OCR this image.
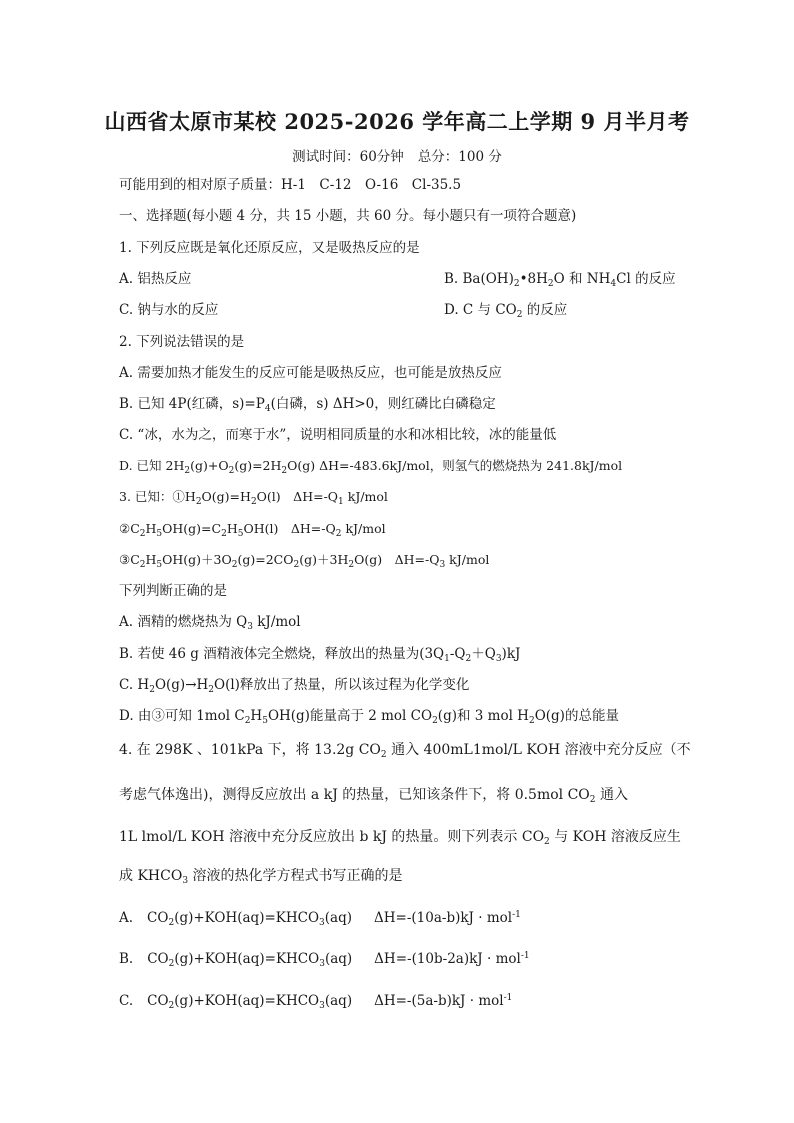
山西省太原市某校 2025-2026 学年高二上学期 9 月半月考
测试时间：60分钟 总分：100 分
可能用到的相对原子质量：H-1　C-12　O-16　Cl-35.5
一、选择题(每小题 4 分，共 15 小题，共 60 分。每小题只有一项符合题意)
1. 下列反应既是氧化还原反应，又是吸热反应的是
A. 铝热反应	B. $Ba(OH)_2•8H_2O$ 和 $NH_4Cl$ 的反应
C. 钠与水的反应	D. C 与 $CO_2$ 的反应
2. 下列说法错误的是
A. 需要加热才能发生的反应可能是吸热反应，也可能是放热反应
B. 已知 4P(红磷，$s)=P_4$(白磷，s) ΔH>0，则红磷比白磷稳定
C. “冰，水为之，而寒于水”，说明相同质量的水和冰相比较，冰的能量低
D. 已知 $2H_2(g)+O_2(g)=2H_2O(g)$ ΔH=-483.6kJ/mol，则氢气的燃烧热为 241.8kJ/mol
3. 已知：$①H_2O(g)=H_2O(l)$　$\Delta H=-Q_1$ kJ/mol
$②C_2H_5OH(g)=C_2H_5OH(l)$　$\Delta H=-Q_2$ kJ/mol
$③C_2H_5OH(g)+3O_2(g)=2CO_2(g)+3H_2O(g)$　$\Delta H=-Q_3$ kJ/mol
下列判断正确的是
A. 酒精的燃烧热为 $Q_3$ kJ/mol
B. 若使 46 g 酒精液体完全燃烧，释放出的热量为$(3Q_1-Q_2+Q_3)kJ$
C. $H_2O(g)\to H_2O(l)$释放出了热量，所以该过程为化学变化
D. 由③可知 1mol $C_2H_5OH(g)$能量高于 2 mol $CO_2(g)$和 3 mol $H_2O(g)$的总能量
4. 在 298K 、101kPa 下，将 13.2g $CO_2$ 通入 400mL1mol/L KOH 溶液中充分反应（不
考虑气体逸出)，测得反应放出 a kJ 的热量，已知该条件下，将 0.5mol $CO_2$ 通入
1L lmol/L KOH 溶液中充分反应放出 b kJ 的热量。则下列表示 $CO_2$ 与 KOH 溶液反应生
成 $KHCO_3$ 溶液的热化学方程式书写正确的是
A. $CO_2(g)+KOH(aq)=KHCO_3(aq) \Delta H=-(10a-b)kJ \cdot mol^{-1}$
B. $CO_2(g)+KOH(aq)=KHCO_3(aq) \Delta H=-(10b-2a)kJ \cdot mol^{-1}$
C. $CO_2(g)+KOH(aq)=KHCO_3(aq) \Delta H=-(5a-b)kJ \cdot mol^{-1}$
